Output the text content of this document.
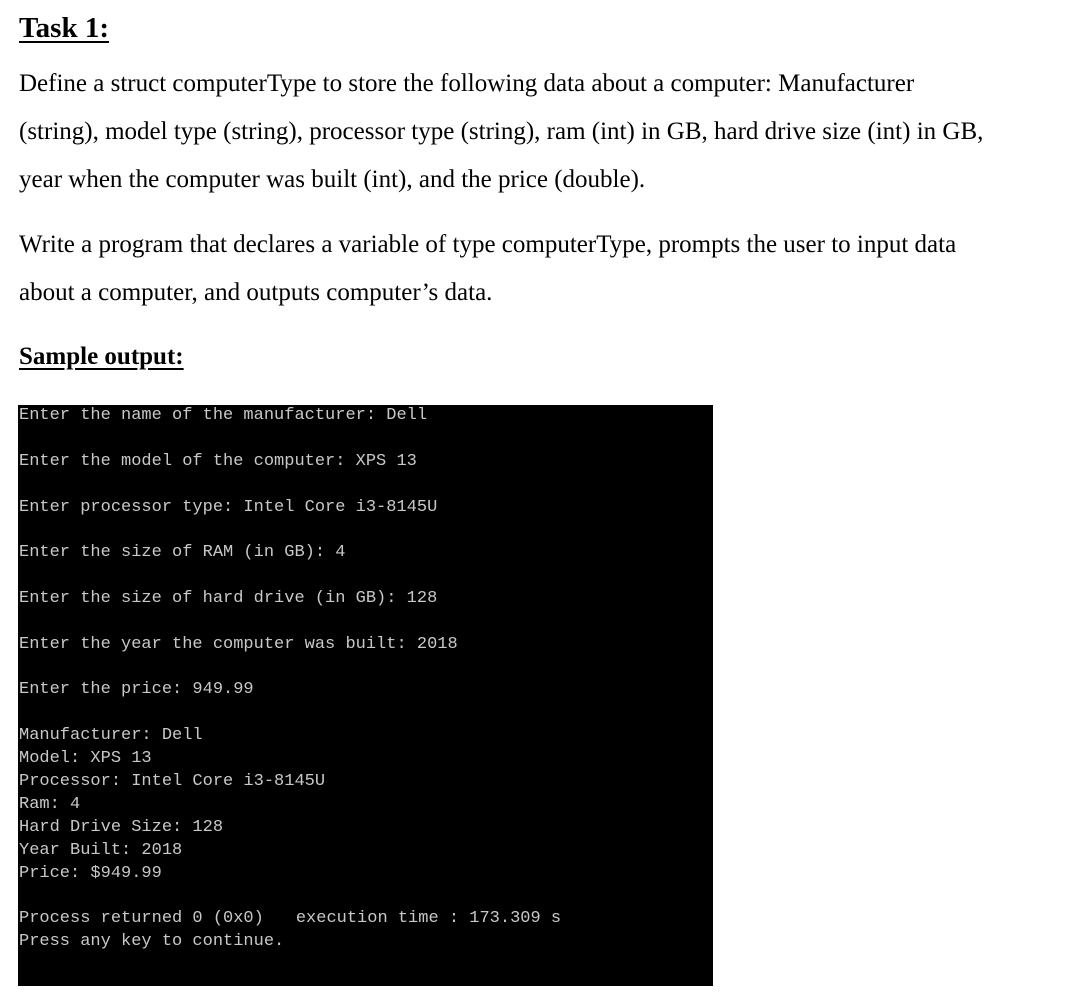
Task 1:
Define a struct computerType to store the following data about a computer: Manufacturer
(string), model type (string), processor type (string), ram (int) in GB, hard drive size (int) in GB,
year when the computer was built (int), and the price (double).
Write a program that declares a variable of type computerType, prompts the user to input data
about a computer, and outputs computer’s data.
Sample output:
Enter the name of the manufacturer: Dell
Enter the model of the computer: XPS 13
Enter processor type: Intel Core i3-8145U
Enter the size of RAM (in GB): 4
Enter the size of hard drive (in GB): 128
Enter the year the computer was built: 2018
Enter the price: 949.99
Manufacturer: Dell
Model: XPS 13
Processor: Intel Core i3-8145U
Ram: 4
Hard Drive Size: 128
Year Built: 2018
Price: $949.99
Process returned 0 (0x0) execution time : 173.309 s
Press any key to continue.
